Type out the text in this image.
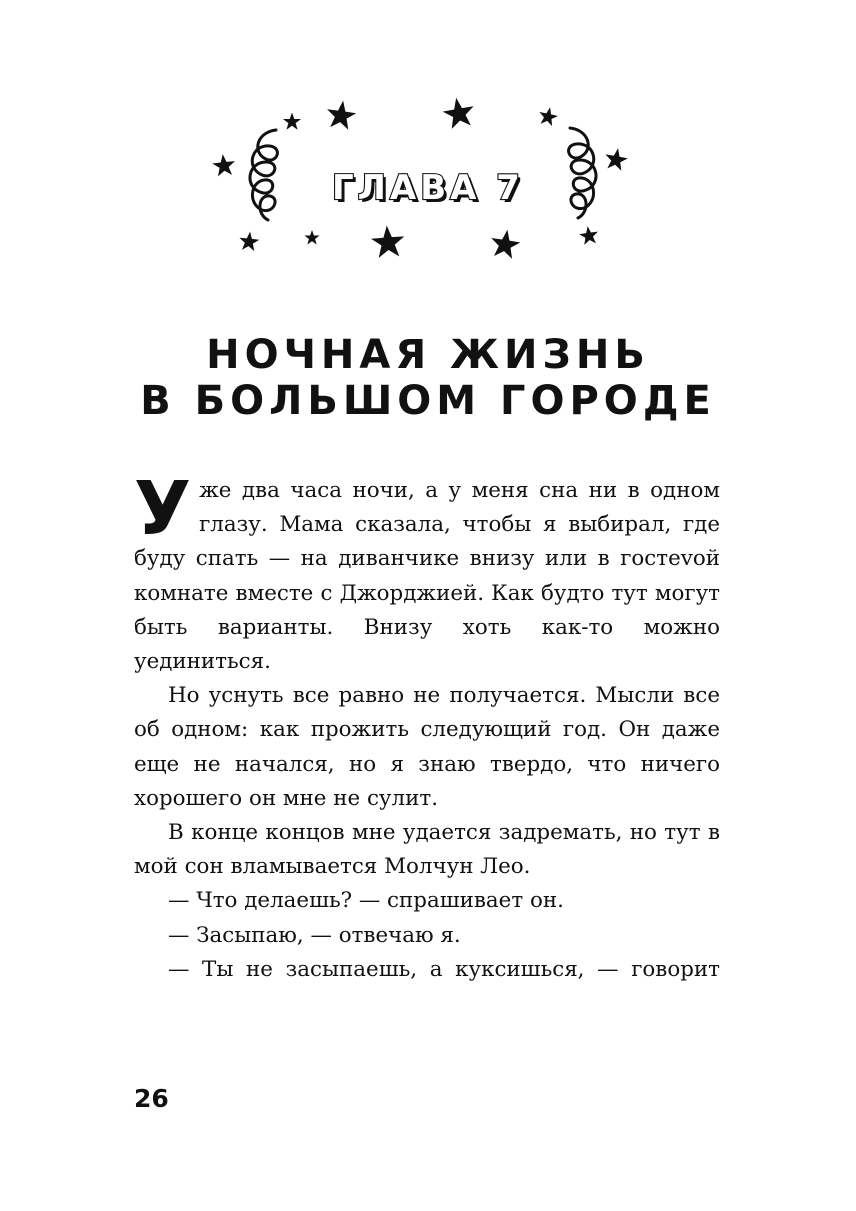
ГЛАВА 7
НОЧНАЯ ЖИЗНЬ
В БОЛЬШОМ ГОРОДЕ

Уже два часа ночи, а у меня сна ни в одном глазу. Мама сказала, чтобы я выбирал, где буду спать — на диванчике внизу или в гостеvой комнате вместе с Джорджией. Как будто тут могут быть варианты. Внизу хоть как-то можно уединиться.

Но уснуть все равно не получается. Мысли все об одном: как прожить следующий год. Он даже еще не начался, но я знаю твердо, что ничего хорошего он мне не сулит.

В конце концов мне удается задремать, но тут в мой сон вламывается Молчун Лео.

— Что делаешь? — спрашивает он.

— Засыпаю, — отвечаю я.

— Ты не засыпаешь, а куксишься, — говорит

26
